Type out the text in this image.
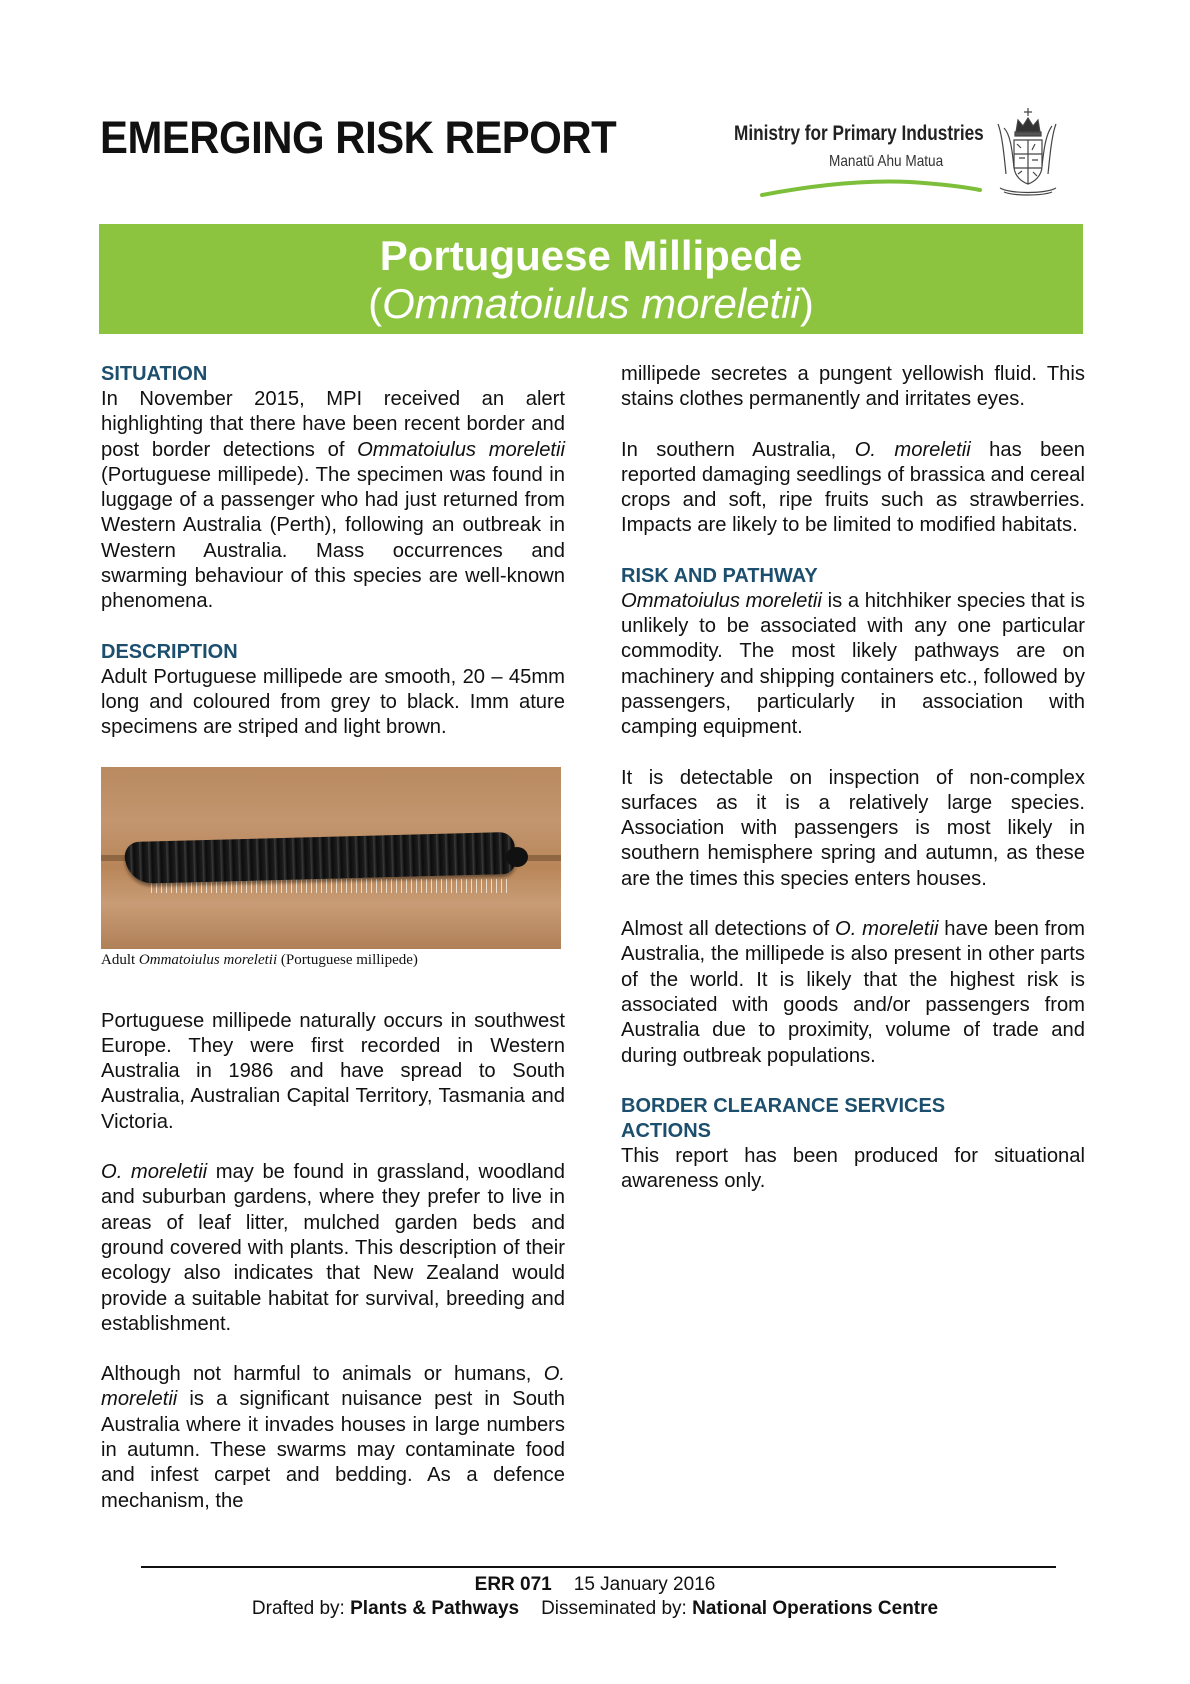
EMERGING RISK REPORT	Ministry for Primary Industries
Manatū Ahu Matua
Portuguese Millipede
(Ommatoiulus moreletii)
SITUATION

In November 2015, MPI received an alert highlighting that there have been recent border and post border detections of Ommatoiulus moreletii (Portuguese millipede). The specimen was found in luggage of a passenger who had just returned from Western Australia (Perth), following an outbreak in Western Australia. Mass occurrences and swarming behaviour of this species are well-known phenomena.

DESCRIPTION

Adult Portuguese millipede are smooth, 20 – 45mm long and coloured from grey to black. Imm ature specimens are striped and light brown.

Adult Ommatoiulus moreletii (Portuguese millipede)

Portuguese millipede naturally occurs in southwest Europe. They were first recorded in Western Australia in 1986 and have spread to South Australia, Australian Capital Territory, Tasmania and Victoria.

O. moreletii may be found in grassland, woodland and suburban gardens, where they prefer to live in areas of leaf litter, mulched garden beds and ground covered with plants. This description of their ecology also indicates that New Zealand would provide a suitable habitat for survival, breeding and establishment.

Although not harmful to animals or humans, O. moreletii is a significant nuisance pest in South Australia where it invades houses in large numbers in autumn. These swarms may contaminate food and infest carpet and bedding. As a defence mechanism, the

millipede secretes a pungent yellowish fluid. This stains clothes permanently and irritates eyes.

In southern Australia, O. moreletii has been reported damaging seedlings of brassica and cereal crops and soft, ripe fruits such as strawberries. Impacts are likely to be limited to modified habitats.

RISK AND PATHWAY

Ommatoiulus moreletii is a hitchhiker species that is unlikely to be associated with any one particular commodity. The most likely pathways are on machinery and shipping containers etc., followed by passengers, particularly in association with camping equipment.

It is detectable on inspection of non-complex surfaces as it is a relatively large species. Association with passengers is most likely in southern hemisphere spring and autumn, as these are the times this species enters houses.

Almost all detections of O. moreletii have been from Australia, the millipede is also present in other parts of the world. It is likely that the highest risk is associated with goods and/or passengers from Australia due to proximity, volume of trade and during outbreak populations.

BORDER CLEARANCE SERVICES ACTIONS

This report has been produced for situational awareness only.

ERR 071 15 January 2016
Drafted by: Plants & Pathways Disseminated by: National Operations Centre
